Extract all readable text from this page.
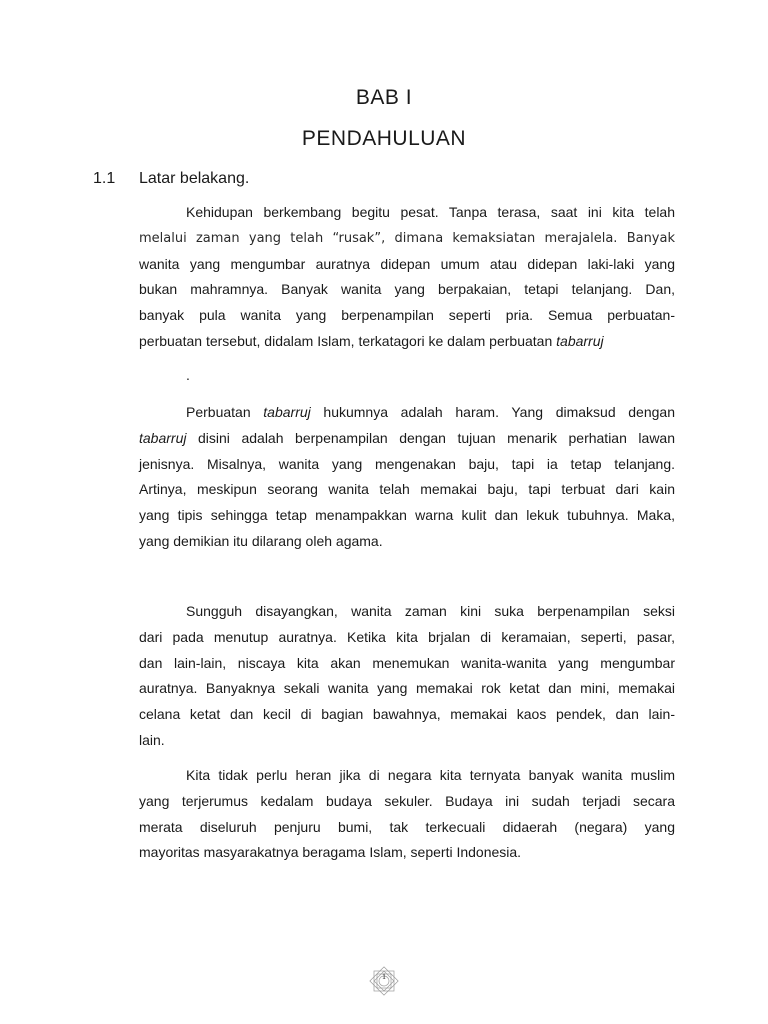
BAB I
PENDAHULUAN
1.1 Latar belakang.
Kehidupan berkembang begitu pesat. Tanpa terasa, saat ini kita telah
melalui zaman yang telah “rusak”, dimana kemaksiatan merajalela. Banyak
wanita yang mengumbar auratnya didepan umum atau didepan laki-laki yang
bukan mahramnya. Banyak wanita yang berpakaian, tetapi telanjang. Dan,
banyak pula wanita yang berpenampilan seperti pria. Semua perbuatan-
perbuatan tersebut, didalam Islam, terkatagori ke dalam perbuatan tabarruj
.
Perbuatan tabarruj hukumnya adalah haram. Yang dimaksud dengan
tabarruj disini adalah berpenampilan dengan tujuan menarik perhatian lawan
jenisnya. Misalnya, wanita yang mengenakan baju, tapi ia tetap telanjang.
Artinya, meskipun seorang wanita telah memakai baju, tapi terbuat dari kain
yang tipis sehingga tetap menampakkan warna kulit dan lekuk tubuhnya. Maka,
yang demikian itu dilarang oleh agama.
Sungguh disayangkan, wanita zaman kini suka berpenampilan seksi
dari pada menutup auratnya. Ketika kita brjalan di keramaian, seperti, pasar,
dan lain-lain, niscaya kita akan menemukan wanita-wanita yang mengumbar
auratnya. Banyaknya sekali wanita yang memakai rok ketat dan mini, memakai
celana ketat dan kecil di bagian bawahnya, memakai kaos pendek, dan lain-
lain.
Kita tidak perlu heran jika di negara kita ternyata banyak wanita muslim
yang terjerumus kedalam budaya sekuler. Budaya ini sudah terjadi secara
merata diseluruh penjuru bumi, tak terkecuali didaerah (negara) yang
mayoritas masyarakatnya beragama Islam, seperti Indonesia.
1
